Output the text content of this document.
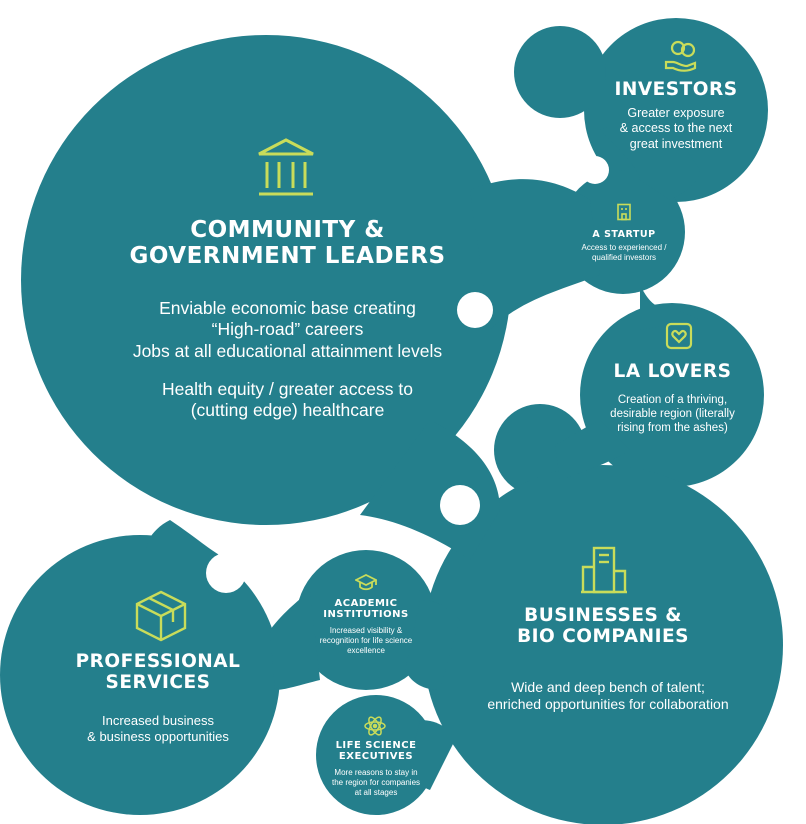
COMMUNITY &
GOVERNMENT LEADERS
Enviable economic base creating
“High-road” careers
Jobs at all educational attainment levels
Health equity / greater access to
(cutting edge) healthcare
INVESTORS
Greater exposure
& access to the next
great investment
A STARTUP
Access to experienced /
qualified investors
LA LOVERS
Creation of a thriving,
desirable region (literally
rising from the ashes)
BUSINESSES &
BIO COMPANIES
Wide and deep bench of talent;
enriched opportunities for collaboration
PROFESSIONAL
SERVICES
Increased business
& business opportunities
ACADEMIC
INSTITUTIONS
Increased visibility &
recognition for life science
excellence
LIFE SCIENCE
EXECUTIVES
More reasons to stay in
the region for companies
at all stages
